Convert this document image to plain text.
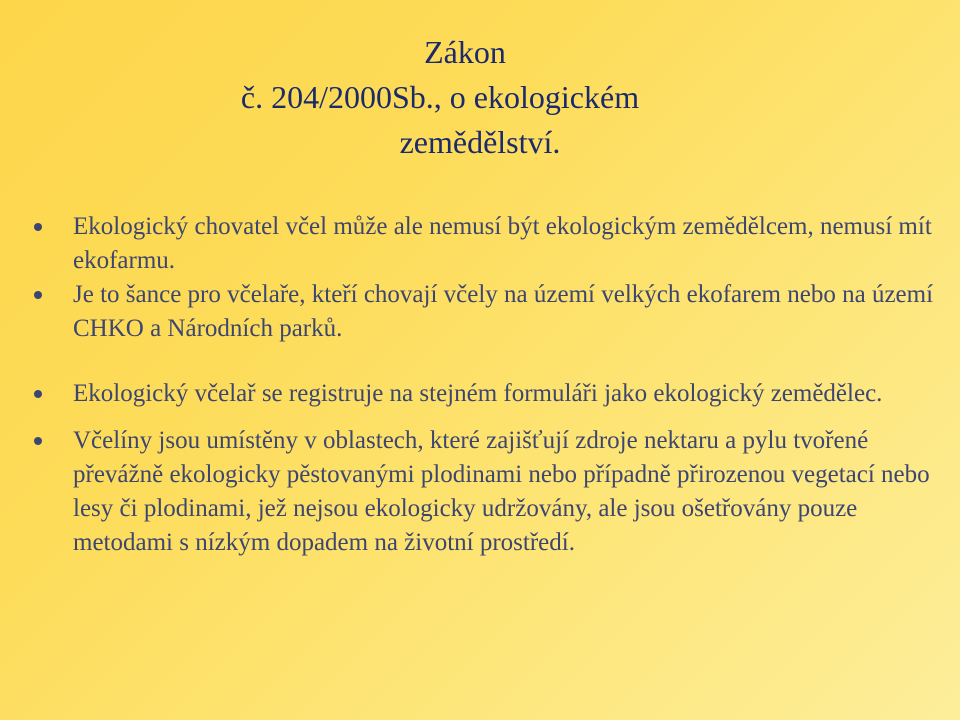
Zákon
č. 204/2000Sb., o ekologickém
zemědělství.
Ekologický chovatel včel může ale nemusí být ekologickým zemědělcem, nemusí mít ekofarmu.
Je to šance pro včelaře, kteří chovají včely na území velkých ekofarem nebo na území CHKO a Národních parků.
Ekologický včelař se registruje na stejném formuláři jako ekologický zemědělec.
Včelíny jsou umístěny v oblastech, které zajišťují zdroje nektaru a pylu tvořené převážně ekologicky pěstovanými plodinami nebo případně přirozenou vegetací nebo lesy či plodinami, jež nejsou ekologicky udržovány, ale jsou ošetřovány pouze metodami s nízkým dopadem na životní prostředí.
